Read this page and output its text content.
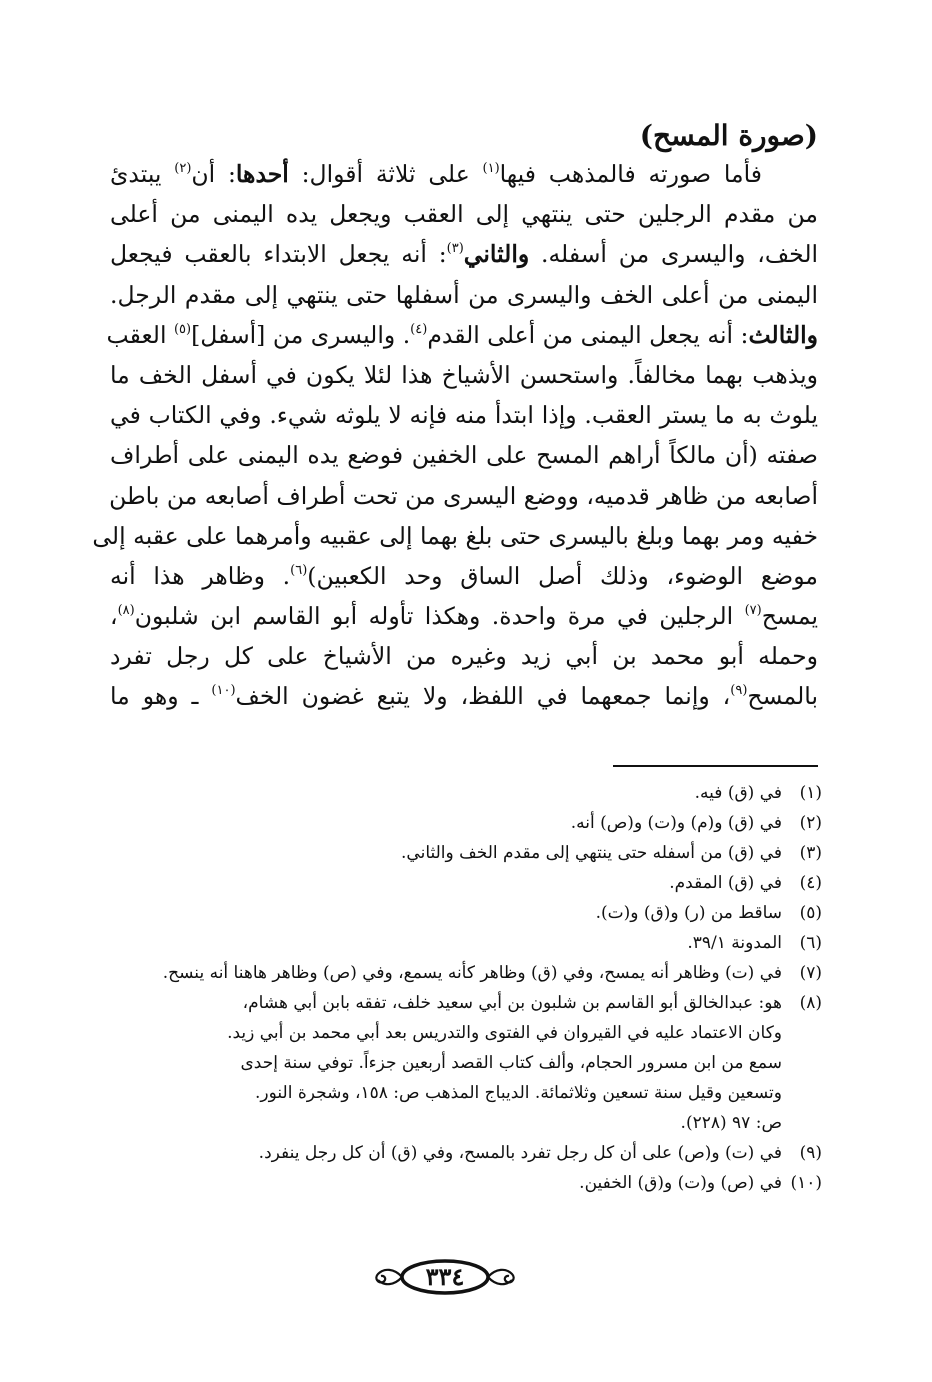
(صورة المسح)
فأما صورته فالمذهب فيها$^{(١)}$ على ثلاثة أقوال: أحدها: أن$^{(٢)}$ يبتدئ
من مقدم الرجلين حتى ينتهي إلى العقب ويجعل يده اليمنى من أعلى
الخف، واليسرى من أسفله. والثاني$^{(٣)}$: أنه يجعل الابتداء بالعقب فيجعل
اليمنى من أعلى الخف واليسرى من أسفلها حتى ينتهي إلى مقدم الرجل.
والثالث: أنه يجعل اليمنى من أعلى القدم$^{(٤)}$. واليسرى من [أسفل]$^{(٥)}$ العقب
ويذهب بهما مخالفاً. واستحسن الأشياخ هذا لئلا يكون في أسفل الخف ما
يلوث به ما يستر العقب. وإذا ابتدأ منه فإنه لا يلوثه شيء. وفي الكتاب في
صفته (أن مالكاً أراهم المسح على الخفين فوضع يده اليمنى على أطراف
أصابعه من ظاهر قدميه، ووضع اليسرى من تحت أطراف أصابعه من باطن
خفيه ومر بهما وبلغ باليسرى حتى بلغ بهما إلى عقبيه وأمرهما على عقبه إلى
موضع الوضوء، وذلك أصل الساق وحد الكعبين)$^{(٦)}$. وظاهر هذا أنه
يمسح$^{(٧)}$ الرجلين في مرة واحدة. وهكذا تأوله أبو القاسم ابن شلبون$^{(٨)}$،
وحمله أبو محمد بن أبي زيد وغيره من الأشياخ على كل رجل تفرد
بالمسح$^{(٩)}$، وإنما جمعهما في اللفظ، ولا يتبع غضون الخف$^{(١٠)}$ ـ وهو ما
(١)
في (ق) فيه.
(٢)
في (ق) و(م) و(ت) و(ص) أنه.
(٣)
في (ق) من أسفله حتى ينتهي إلى مقدم الخف والثاني.
(٤)
في (ق) المقدم.
(٥)
ساقط من (ر) و(ق) و(ت).
(٦)
المدونة ٣٩/١.
(٧)
في (ت) وظاهر أنه يمسح، وفي (ق) وظاهر كأنه يسمع، وفي (ص) وظاهر هاهنا أنه ينسح.
(٨)
هو: عبدالخالق أبو القاسم بن شلبون بن أبي سعيد خلف، تفقه بابن أبي هشام،
وكان الاعتماد عليه في القيروان في الفتوى والتدريس بعد أبي محمد بن أبي زيد.
سمع من ابن مسرور الحجام، وألف كتاب القصد أربعين جزءاً. توفي سنة إحدى
وتسعين وقيل سنة تسعين وثلاثمائة. الديباج المذهب ص: ١٥٨، وشجرة النور.
ص: ٩٧ (٢٢٨).
(٩)
في (ت) و(ص) على أن كل رجل تفرد بالمسح، وفي (ق) أن كل رجل ينفرد.
(١٠)
في (ص) و(ت) و(ق) الخفين.
٣٣٤
